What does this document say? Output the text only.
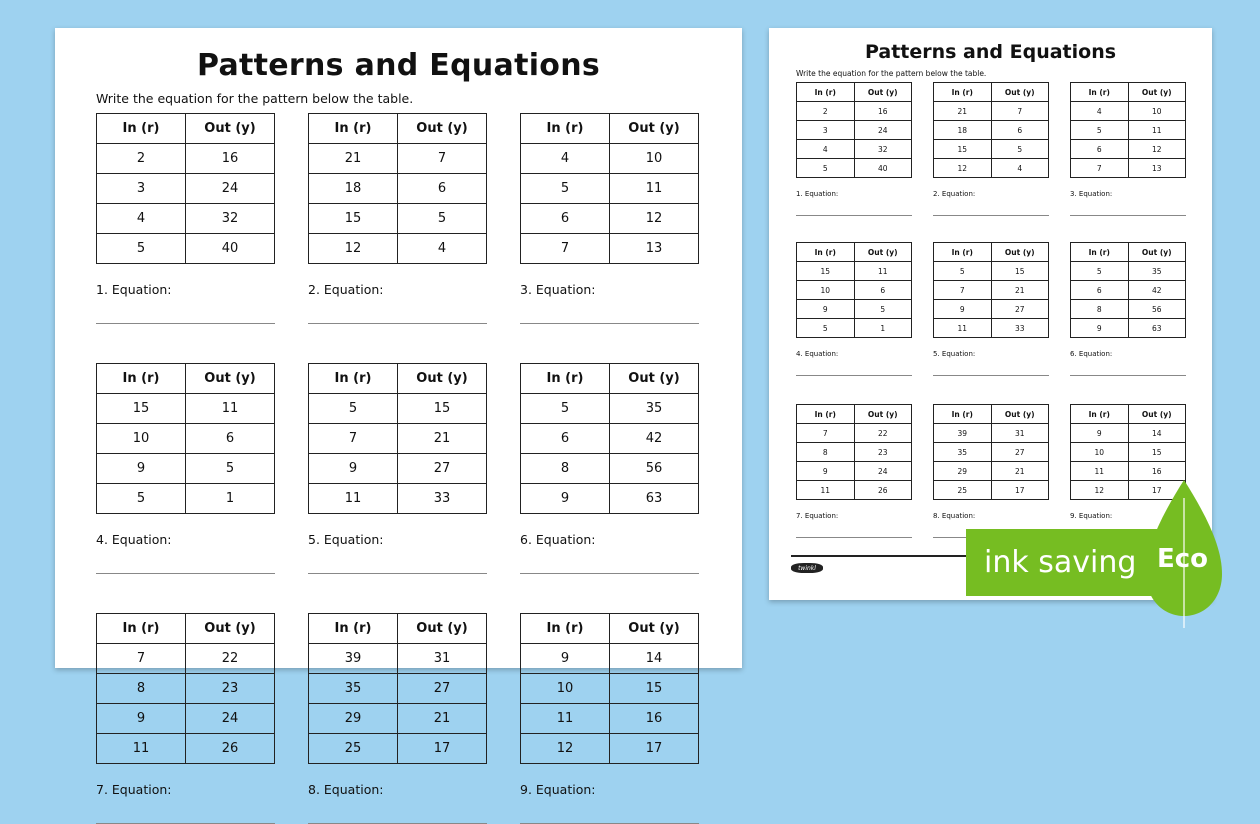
Patterns and Equations

Write the equation for the pattern below the table.

In (r)	Out (y)
2	16
3	24
4	32
5	40

1. Equation:

In (r)	Out (y)
21	7
18	6
15	5
12	4

2. Equation:

In (r)	Out (y)
4	10
5	11
6	12
7	13

3. Equation:

In (r)	Out (y)
15	11
10	6
9	5
5	1

4. Equation:

In (r)	Out (y)
5	15
7	21
9	27
11	33

5. Equation:

In (r)	Out (y)
5	35
6	42
8	56
9	63

6. Equation:

In (r)	Out (y)
7	22
8	23
9	24
11	26

7. Equation:

In (r)	Out (y)
39	31
35	27
29	21
25	17

8. Equation:

In (r)	Out (y)
9	14
10	15
11	16
12	17

9. Equation:

Patterns and Equations

Write the equation for the pattern below the table.

twinkl
In (r)	Out (y)
2	16
3	24
4	32
5	40

1. Equation:

In (r)	Out (y)
21	7
18	6
15	5
12	4

2. Equation:

In (r)	Out (y)
4	10
5	11
6	12
7	13

3. Equation:

In (r)	Out (y)
15	11
10	6
9	5
5	1

4. Equation:

In (r)	Out (y)
5	15
7	21
9	27
11	33

5. Equation:

In (r)	Out (y)
5	35
6	42
8	56
9	63

6. Equation:

In (r)	Out (y)
7	22
8	23
9	24
11	26

7. Equation:

In (r)	Out (y)
39	31
35	27
29	21
25	17

8. Equation:

In (r)	Out (y)
9	14
10	15
11	16
12	17

9. Equation:

ink saving Eco
